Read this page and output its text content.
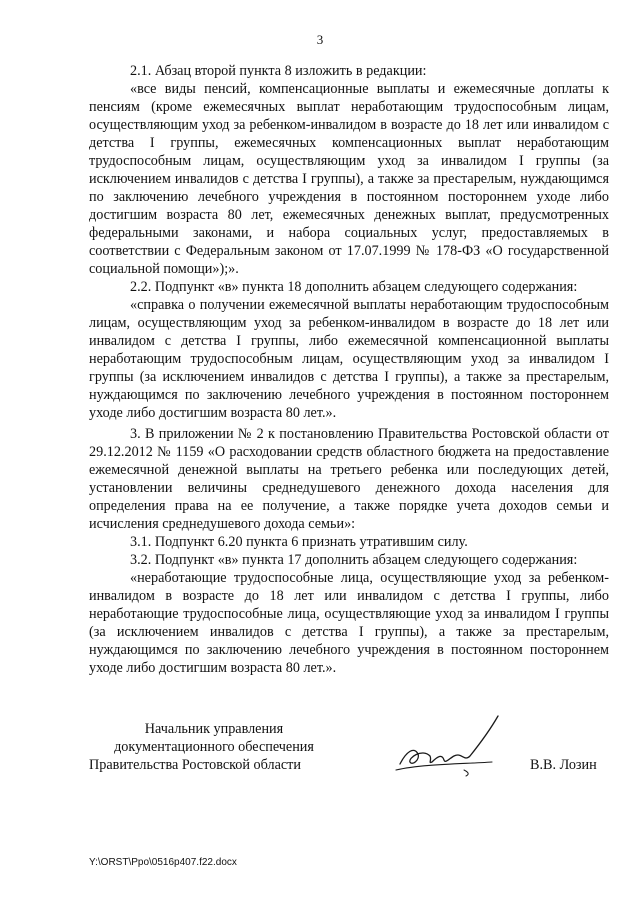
3

2.1. Абзац второй пункта 8 изложить в редакции:

«все виды пенсий, компенсационные выплаты и ежемесячные доплаты к пенсиям (кроме ежемесячных выплат неработающим трудоспособным лицам, осуществляющим уход за ребенком-инвалидом в возрасте до 18 лет или инвалидом с детства I группы, ежемесячных компенсационных выплат неработающим трудоспособным лицам, осуществляющим уход за инвалидом I группы (за исключением инвалидов с детства I группы), а также за престарелым, нуждающимся по заключению лечебного учреждения в постоянном постороннем уходе либо достигшим возраста 80 лет, ежемесячных денежных выплат, предусмотренных федеральными законами, и набора социальных услуг, предоставляемых в соответствии с Федеральным законом от 17.07.1999 № 178-ФЗ «О государственной социальной помощи»);».

2.2. Подпункт «в» пункта 18 дополнить абзацем следующего содержания:

«справка о получении ежемесячной выплаты неработающим трудоспособным лицам, осуществляющим уход за ребенком-инвалидом в возрасте до 18 лет или инвалидом с детства I группы, либо ежемесячной компенсационной выплаты неработающим трудоспособным лицам, осуществляющим уход за инвалидом I группы (за исключением инвалидов с детства I группы), а также за престарелым, нуждающимся по заключению лечебного учреждения в постоянном постороннем уходе либо достигшим возраста 80 лет.».

3. В приложении № 2 к постановлению Правительства Ростовской области от 29.12.2012 № 1159 «О расходовании средств областного бюджета на предоставление ежемесячной денежной выплаты на третьего ребенка или последующих детей, установлении величины среднедушевого денежного дохода населения для определения права на ее получение, а также порядке учета доходов семьи и исчисления среднедушевого дохода семьи»:

3.1. Подпункт 6.20 пункта 6 признать утратившим силу.

3.2. Подпункт «в» пункта 17 дополнить абзацем следующего содержания:

«неработающие трудоспособные лица, осуществляющие уход за ребенком-инвалидом в возрасте до 18 лет или инвалидом с детства I группы, либо неработающие трудоспособные лица, осуществляющие уход за инвалидом I группы (за исключением инвалидов с детства I группы), а также за престарелым, нуждающимся по заключению лечебного учреждения в постоянном постороннем уходе либо достигшим возраста 80 лет.».

Начальник управления
документационного обеспечения
Правительства Ростовской области	В.В. Лозин
Y:\ORST\Ppo\0516p407.f22.docx
